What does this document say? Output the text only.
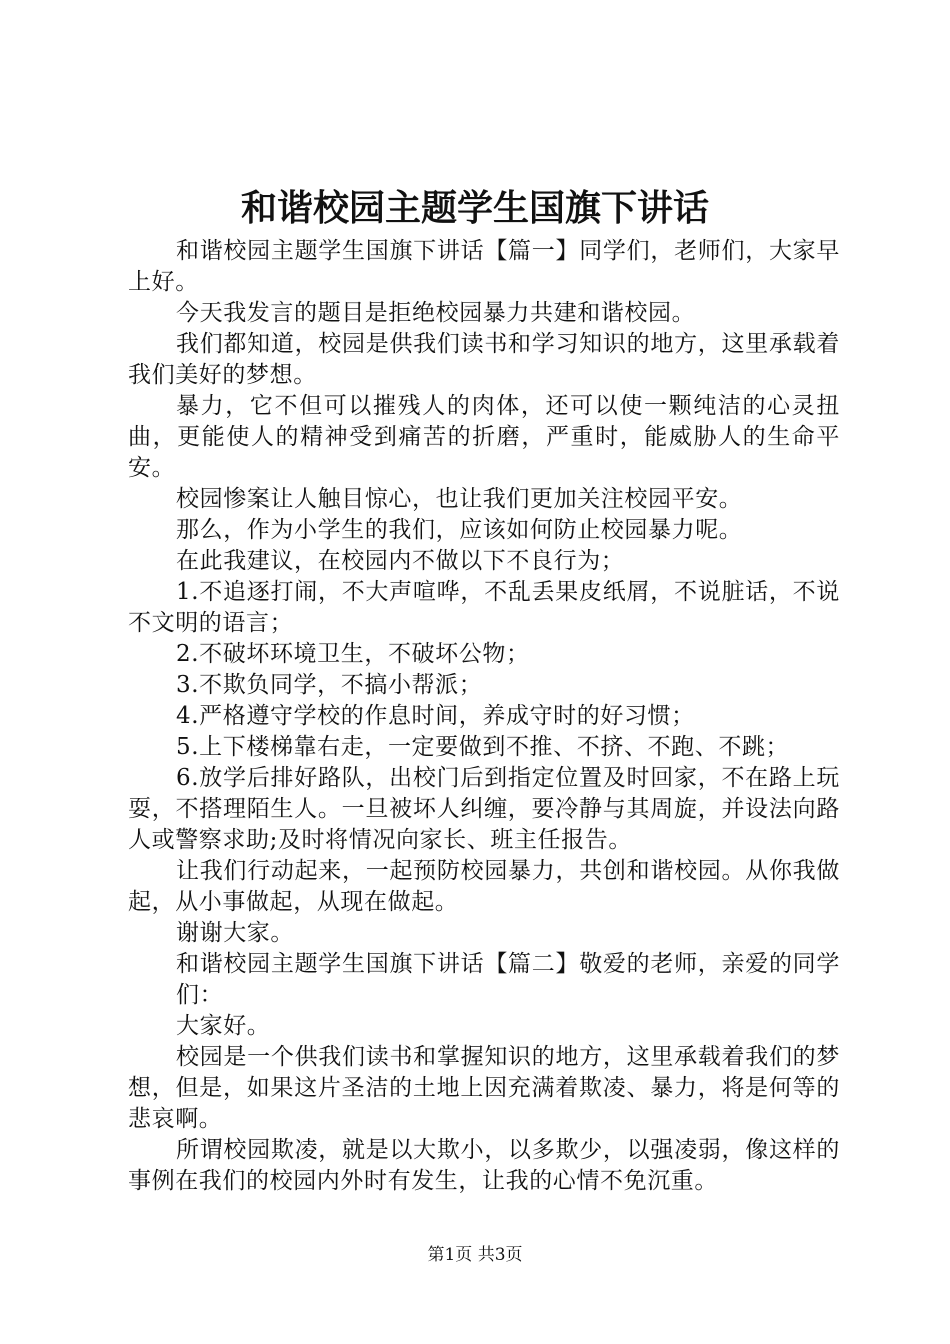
和谐校园主题学生国旗下讲话

和谐校园主题学生国旗下讲话【篇一】同学们，老师们，大家早上好。

今天我发言的题目是拒绝校园暴力共建和谐校园。

我们都知道，校园是供我们读书和学习知识的地方，这里承载着我们美好的梦想。

暴力，它不但可以摧残人的肉体，还可以使一颗纯洁的心灵扭曲，更能使人的精神受到痛苦的折磨，严重时，能威胁人的生命平安。

校园惨案让人触目惊心，也让我们更加关注校园平安。

那么，作为小学生的我们，应该如何防止校园暴力呢。

在此我建议，在校园内不做以下不良行为；

1.不追逐打闹，不大声喧哗，不乱丢果皮纸屑，不说脏话，不说不文明的语言；

2.不破坏环境卫生，不破坏公物；

3.不欺负同学，不搞小帮派；

4.严格遵守学校的作息时间，养成守时的好习惯；

5.上下楼梯靠右走，一定要做到不推、不挤、不跑、不跳；

6.放学后排好路队，出校门后到指定位置及时回家，不在路上玩耍，不搭理陌生人。一旦被坏人纠缠，要冷静与其周旋，并设法向路人或警察求助;及时将情况向家长、班主任报告。

让我们行动起来，一起预防校园暴力，共创和谐校园。从你我做起，从小事做起，从现在做起。

谢谢大家。

和谐校园主题学生国旗下讲话【篇二】敬爱的老师，亲爱的同学们：

大家好。

校园是一个供我们读书和掌握知识的地方，这里承载着我们的梦想，但是，如果这片圣洁的土地上因充满着欺凌、暴力，将是何等的悲哀啊。

所谓校园欺凌，就是以大欺小，以多欺少，以强凌弱，像这样的事例在我们的校园内外时有发生，让我的心情不免沉重。

第1页 共3页
